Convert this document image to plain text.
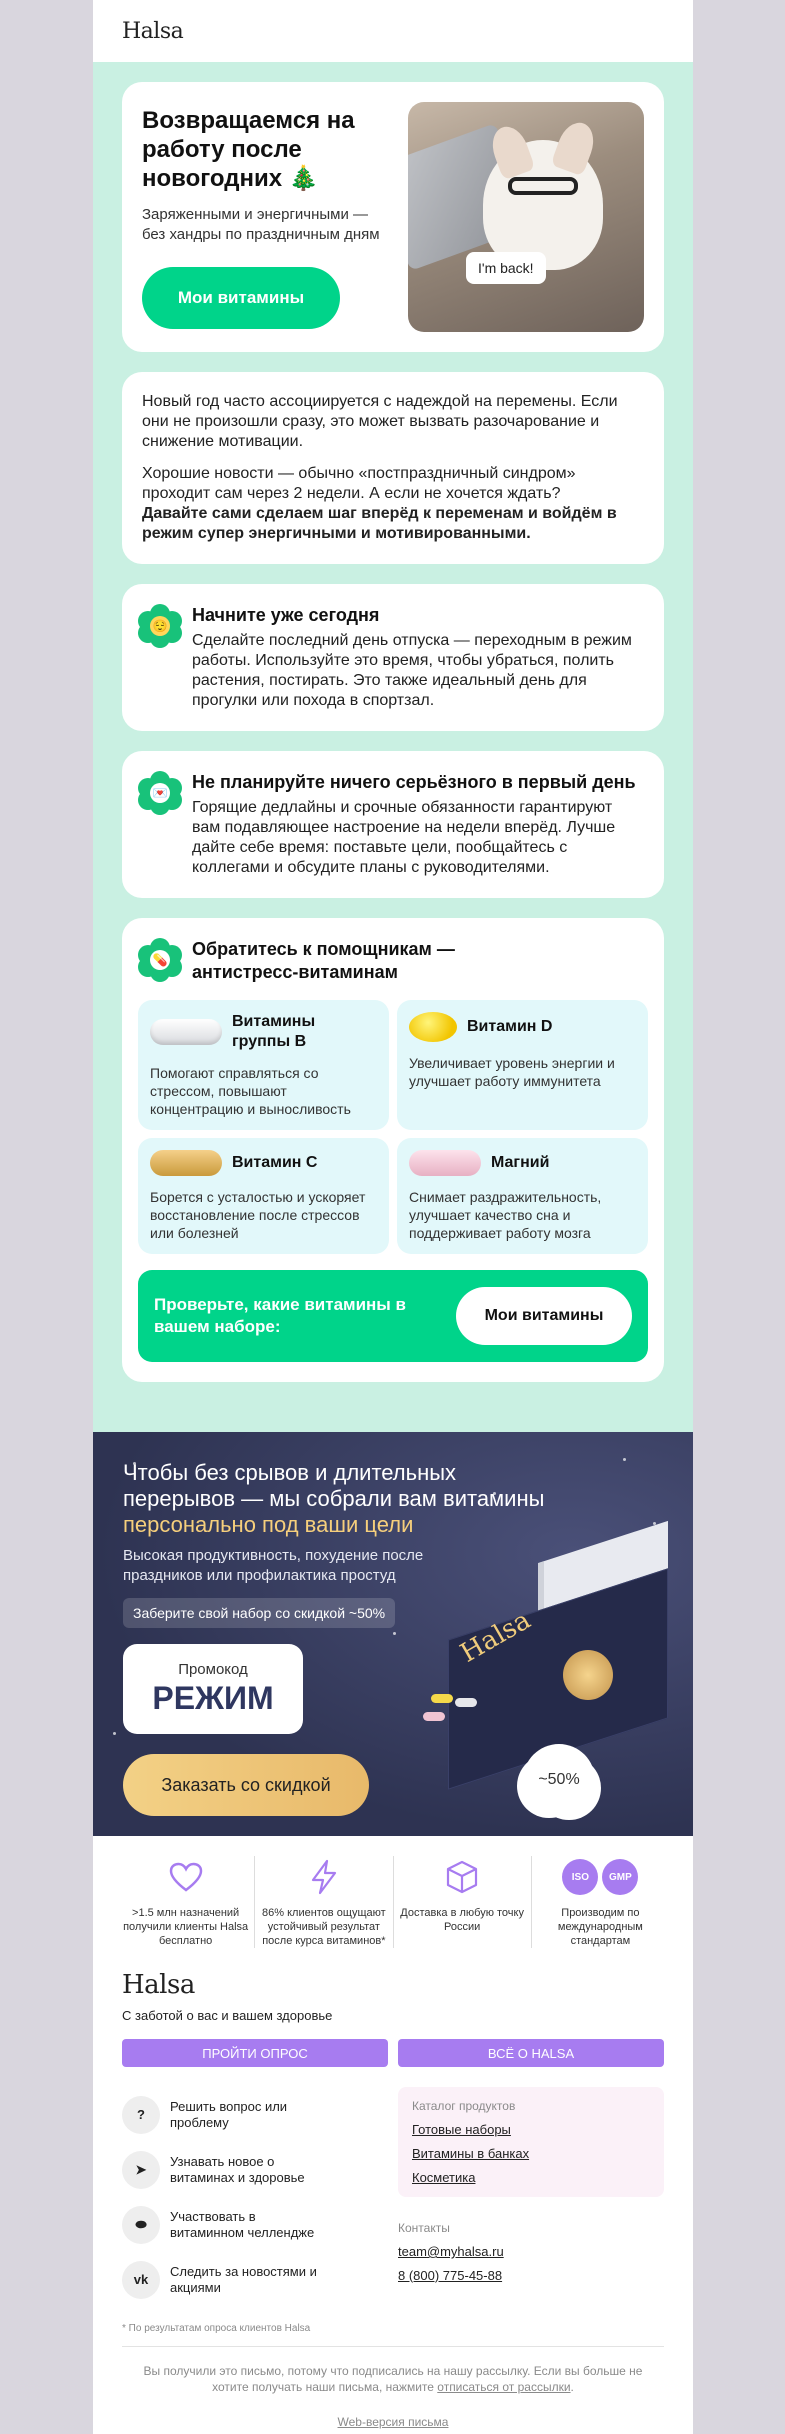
Halsa
Возвращаемся на работу после новогодних 🎄

Заряженными и энергичными — без хандры по праздничным дням

Мои витамины
I'm back!

Новый год часто ассоциируется с надеждой на перемены. Если они не произошли сразу, это может вызвать разочарование и снижение мотивации.

Хорошие новости — обычно «постпраздничный синдром» проходит сам через 2 недели. А если не хочется ждать?
Давайте сами сделаем шаг вперёд к переменам и войдём в режим супер энергичными и мотивированными.

😌
Начните уже сегодня

Сделайте последний день отпуска — переходным в режим работы. Используйте это время, чтобы убраться, полить растения, постирать. Это также идеальный день для прогулки или похода в спортзал.

💌
Не планируйте ничего серьёзного в первый день

Горящие дедлайны и срочные обязанности гарантируют вам подавляющее настроение на недели вперёд. Лучше дайте себе время: поставьте цели, пообщайтесь с коллегами и обсудите планы с руководителями.

💊
Обратитесь к помощникам — антистресс-витаминам
Витамины группы B

Помогают справляться со стрессом, повышают концентрацию и выносливость

Витамин D

Увеличивает уровень энергии и улучшает работу иммунитета

Витамин C

Борется с усталостью и ускоряет восстановление после стрессов или болезней

Магний

Снимает раздражительность, улучшает качество сна и поддерживает работу мозга

Проверьте, какие витамины в вашем наборе:
Мои витамины
Halsa
Чтобы без срывов и длительных перерывов — мы собрали вам витамины персонально под ваши цели

Высокая продуктивность, похудение после праздников или профилактика простуд

Заберите свой набор со скидкой ~50%
Промокод
РЕЖИМ
Заказать со скидкой	~50%

>1.5 млн назначений получили клиенты Halsa бесплатно

86% клиентов ощущают устойчивый результат после курса витаминов*

Доставка в любую точку России

ISO	GMP

Производим по международным стандартам

Halsa
С заботой о вас и вашем здоровье
ПРОЙТИ ОПРОС	ВСЁ О HALSA
?
Решить вопрос или проблему
➤
Узнавать новое о витаминах и здоровье
⬬
Участвовать в витаминном челлендже
vk
Следить за новостями и акциями
Каталог продуктов
Готовые наборы
Витамины в банках
Косметика
Контакты
team@myhalsa.ru
8 (800) 775-45-88
* По результатам опроса клиентов Halsa
Вы получили это письмо, потому что подписались на нашу рассылку. Если вы больше не хотите получать наши письма, нажмите отписаться от рассылки.
Web-версия письма
